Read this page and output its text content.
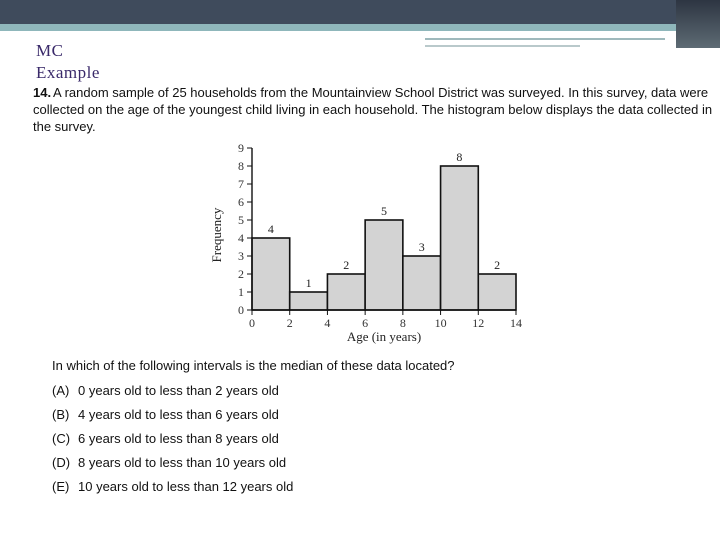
MC
Example
14. A random sample of 25 households from the Mountainview School District was surveyed. In this survey, data were collected on the age of the youngest child living in each household. The histogram below displays the data collected in the survey.
4
1
2
5
3
8
2
0
1
2
3
4
5
6
7
8
9
0	2	4	6	8 10 12 14
Age (in years)
Frequency
In which of the following intervals is the median of these data located?
(A) 0 years old to less than 2 years old
(B) 4 years old to less than 6 years old
(C) 6 years old to less than 8 years old
(D) 8 years old to less than 10 years old
(E) 10 years old to less than 12 years old
